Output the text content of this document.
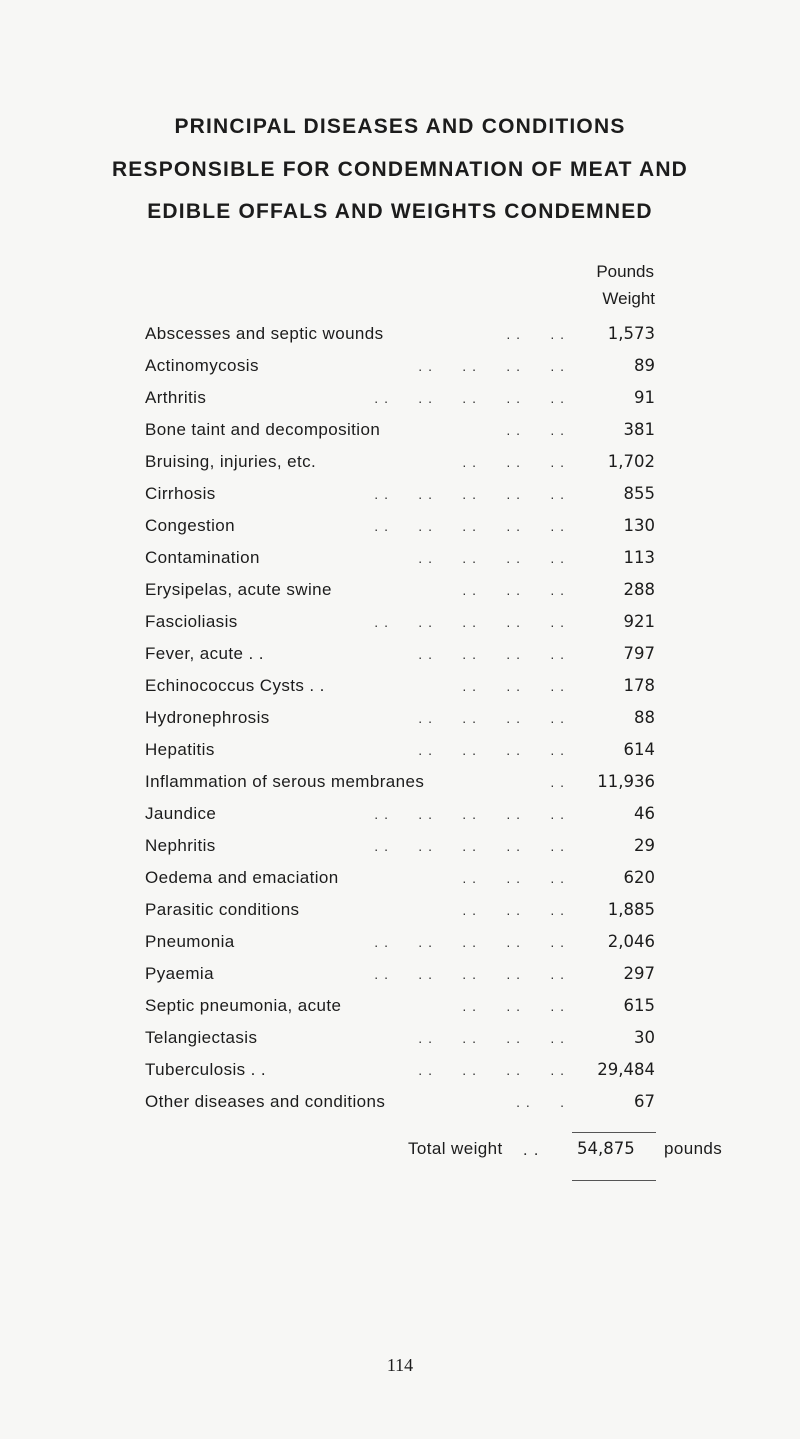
PRINCIPAL DISEASES AND CONDITIONS
RESPONSIBLE FOR CONDEMNATION OF MEAT AND
EDIBLE OFFALS AND WEIGHTS CONDEMNED
Pounds
Weight
Abscesses and septic wounds	. .      . .	1,573
Actinomycosis	. .      . .      . .      . .	89
Arthritis	. .      . .      . .      . .      . .	91
Bone taint and decomposition	. .      . .	381
Bruising, injuries, etc.	. .      . .      . .	1,702
Cirrhosis	. .      . .      . .      . .      . .	855
Congestion	. .      . .      . .      . .      . .	130
Contamination	. .      . .      . .      . .	113
Erysipelas, acute swine	. .      . .      . .	288
Fascioliasis	. .      . .      . .      . .      . .	921
Fever, acute . .	. .      . .      . .      . .	797
Echinococcus Cysts . .	. .      . .      . .	178
Hydronephrosis	. .      . .      . .      . .	88
Hepatitis	. .      . .      . .      . .	614
Inflammation of serous membranes	. . 11,936
Jaundice	. .      . .      . .      . .      . .	46
Nephritis	. .      . .      . .      . .      . .	29
Oedema and emaciation	. .      . .      . .	620
Parasitic conditions	. .      . .      . .	1,885
Pneumonia	. .      . .      . .      . .      . .	2,046
Pyaemia	. .      . .      . .      . .      . .	297
Septic pneumonia, acute	. .      . .      . .	615
Telangiectasis	. .      . .      . .      . .	30
Tuberculosis . .	. .      . .      . .      . . 29,484
Other diseases and conditions	. .      .	67
Total weight . . 54,875 pounds
114
